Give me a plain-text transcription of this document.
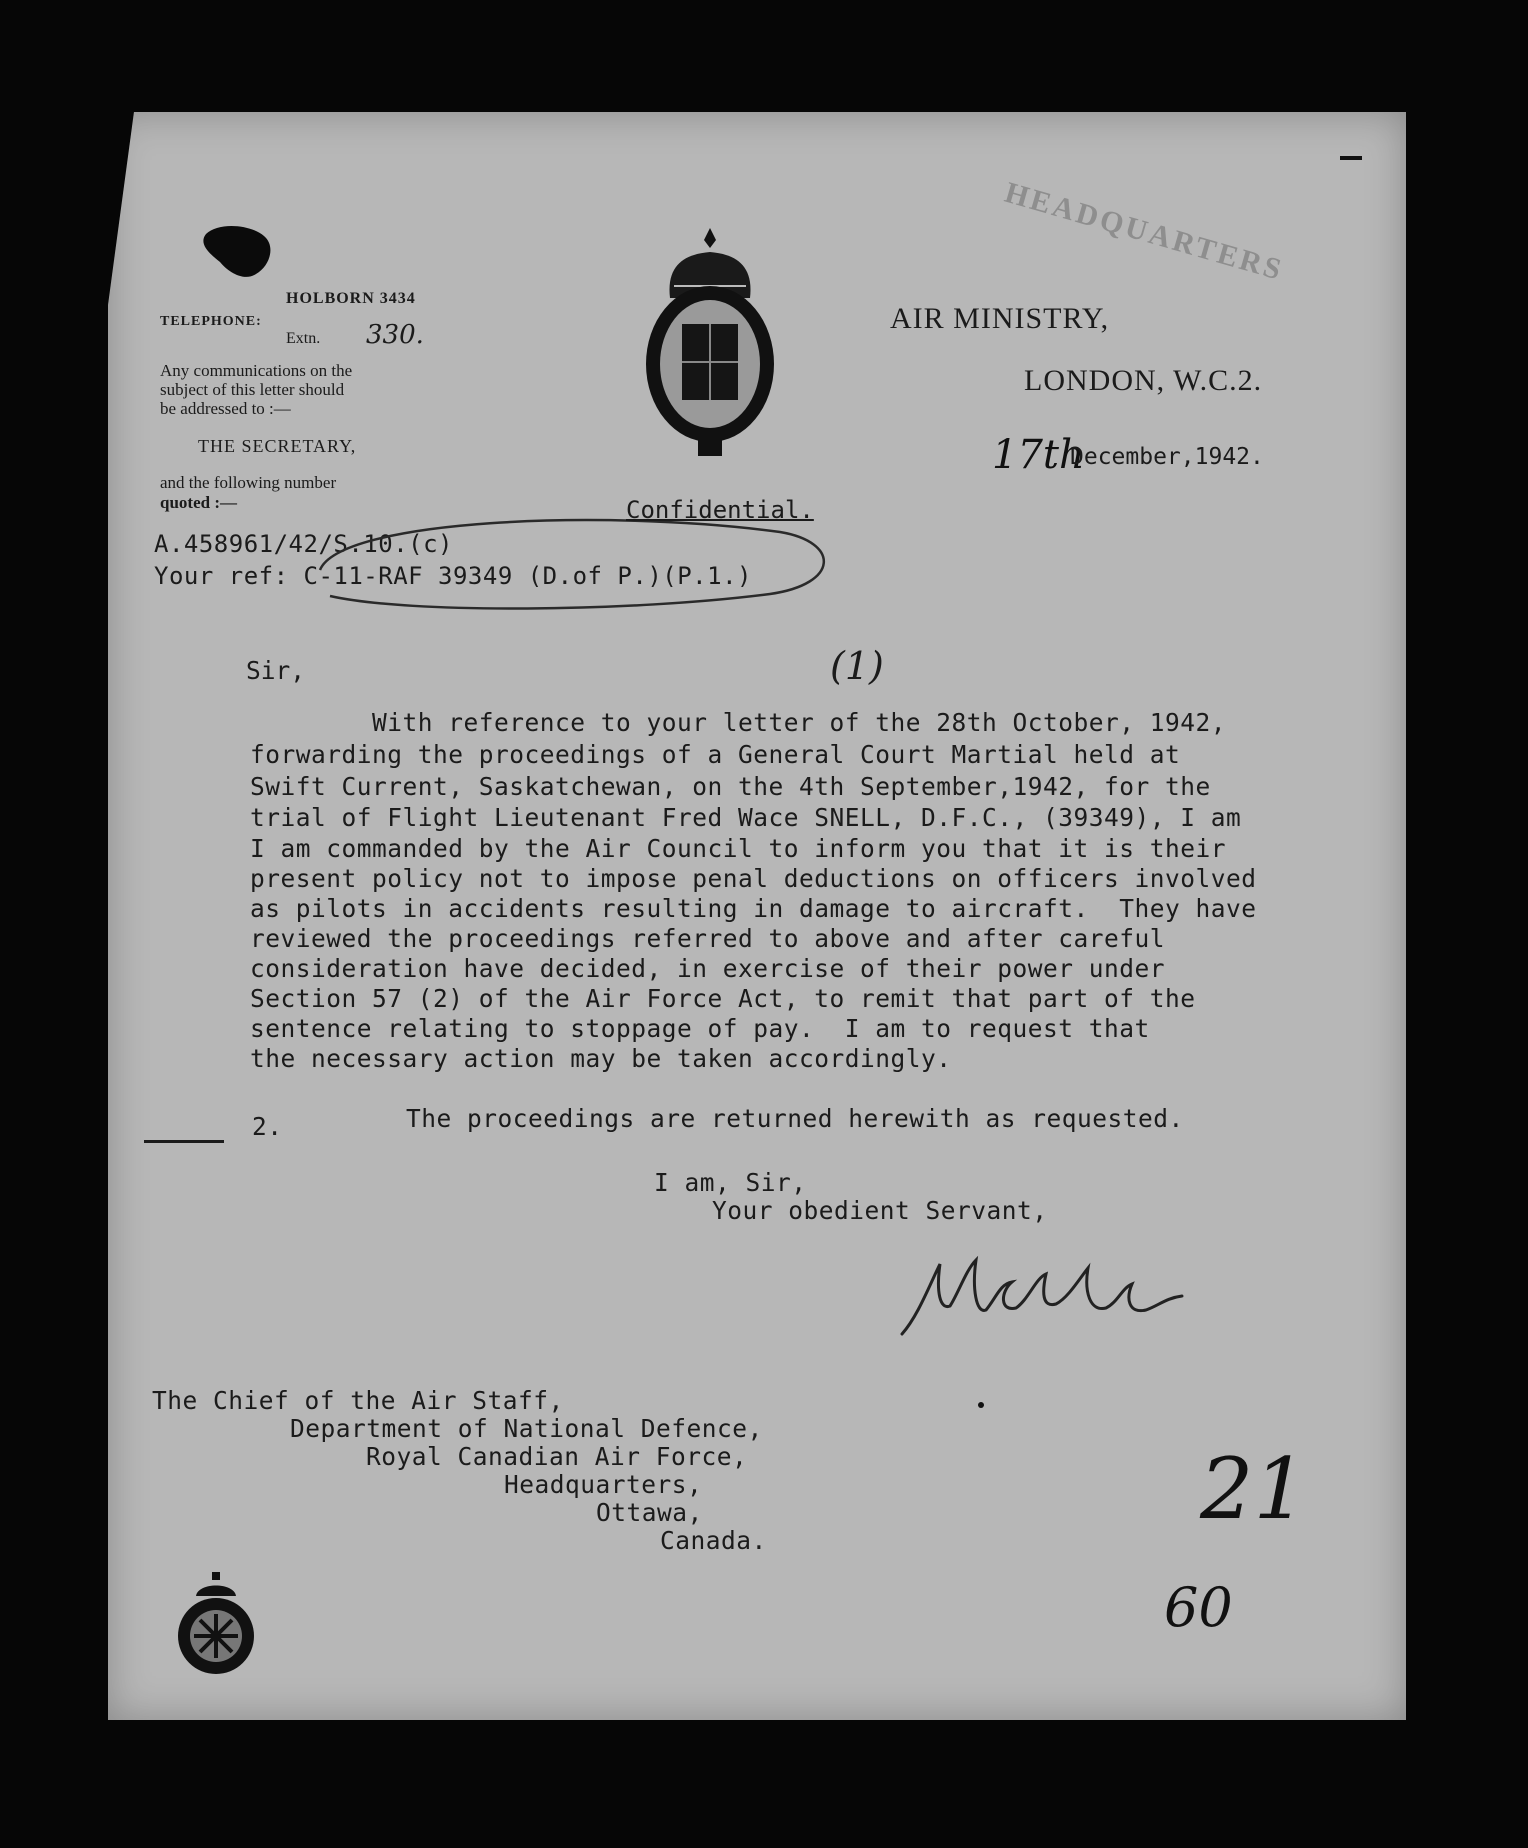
HEADQUARTERS
TELEPHONE:
HOLBORN 3434
Extn. 330.
Any communications on the
subject of this letter should
be addressed to :—
THE SECRETARY,
and the following number
quoted :—
A.458961/42/S.10.(c)
Your ref: C-11-RAF 39349 (D.of P.)(P.1.)
AIR MINISTRY,
LONDON, W.C.2.
17th
December,1942.
Confidential.
(1)
Sir,
With reference to your letter of the 28th October, 1942,
forwarding the proceedings of a General Court Martial held at
Swift Current, Saskatchewan, on the 4th September,1942, for the
trial of Flight Lieutenant Fred Wace SNELL, D.F.C., (39349), I am
I am commanded by the Air Council to inform you that it is their
present policy not to impose penal deductions on officers involved
as pilots in accidents resulting in damage to aircraft.  They have
reviewed the proceedings referred to above and after careful
consideration have decided, in exercise of their power under
Section 57 (2) of the Air Force Act, to remit that part of the
sentence relating to stoppage of pay.  I am to request that
the necessary action may be taken accordingly.
2.	The proceedings are returned herewith as requested.
I am, Sir,
Your obedient Servant,
The Chief of the Air Staff,
Department of National Defence,
Royal Canadian Air Force,
Headquarters,
Ottawa,
Canada.
21
60
